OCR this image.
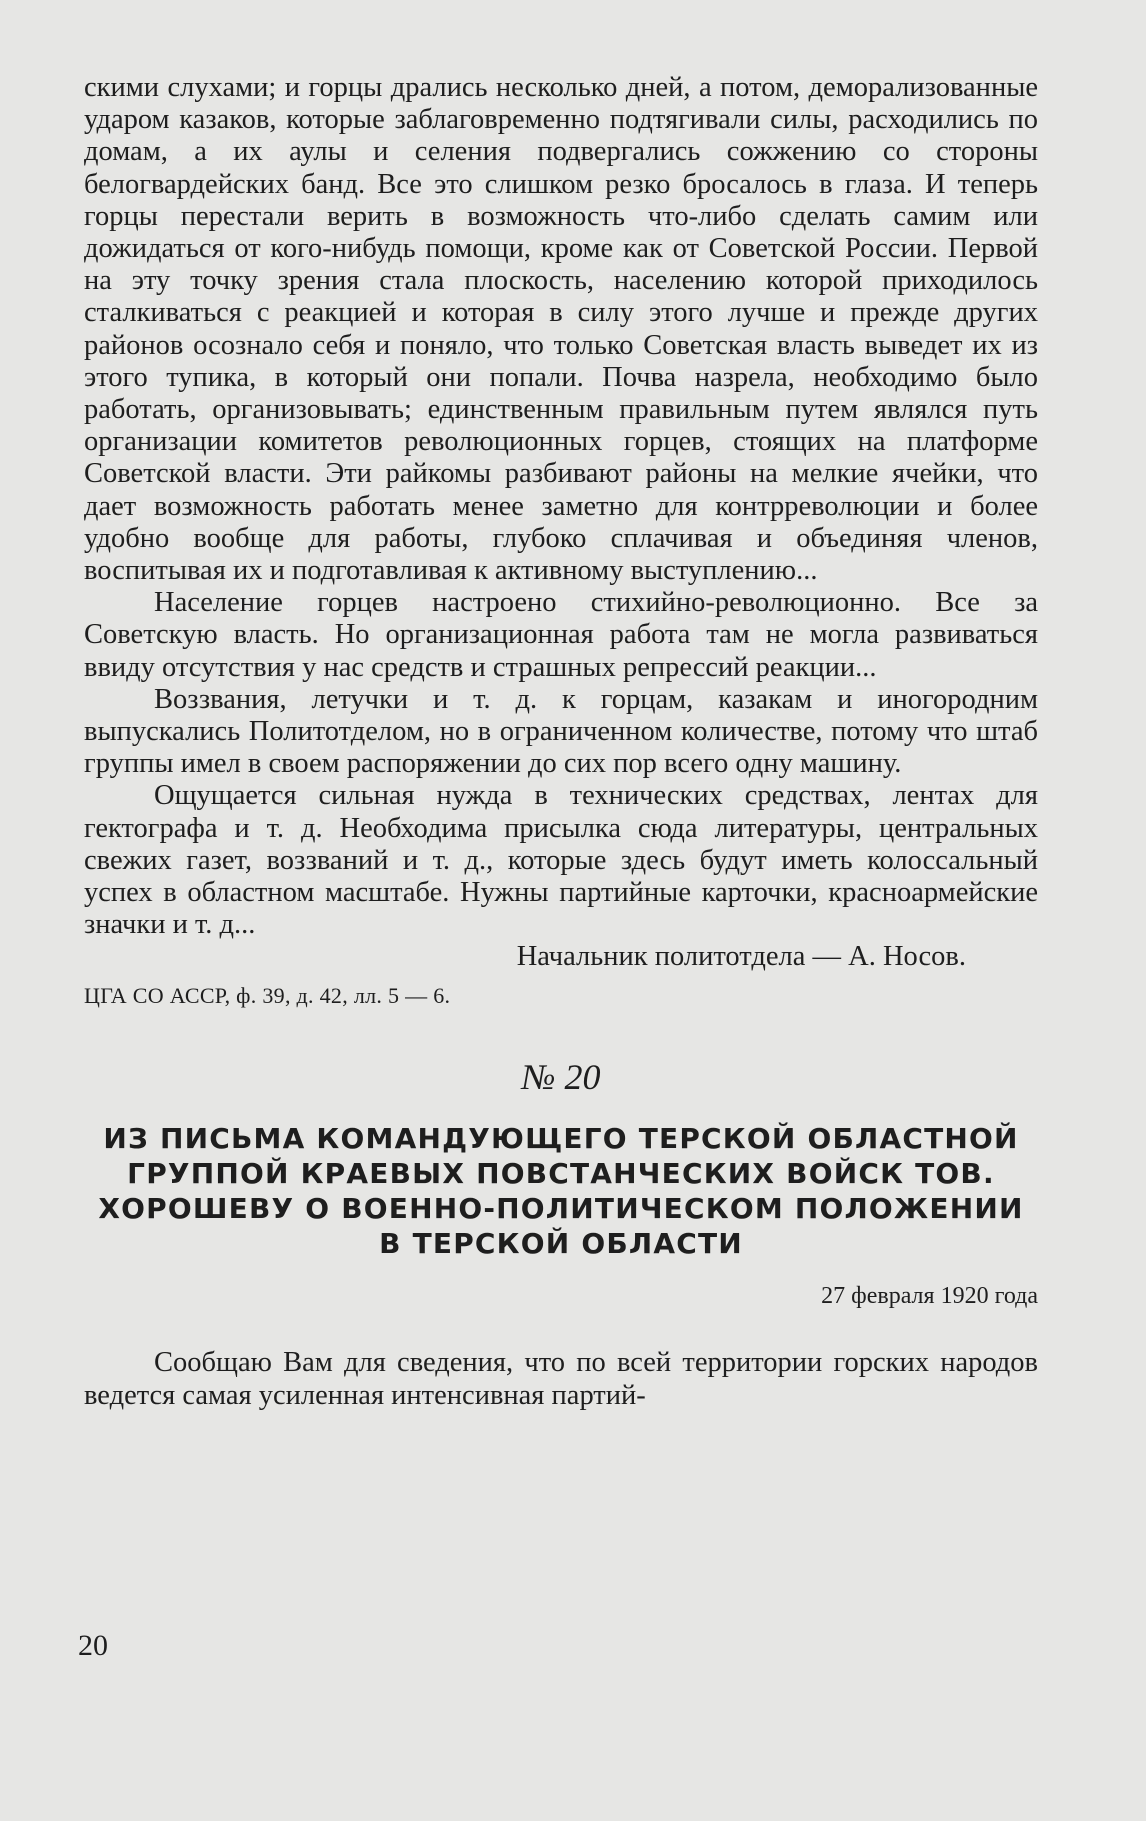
скими слухами; и горцы дрались несколько дней, а потом, деморализованные ударом казаков, которые заблаговременно подтягивали силы, расходились по домам, а их аулы и селения подвергались сожжению со стороны белогвардейских банд. Все это слишком резко бросалось в глаза. И теперь горцы перестали верить в возможность что-либо сделать самим или дожидаться от кого-нибудь помощи, кроме как от Советской России. Первой на эту точку зрения стала плоскость, населению которой приходилось сталкиваться с реакцией и которая в силу этого лучше и прежде других районов осознало себя и поняло, что только Советская власть выведет их из этого тупика, в который они попали. Почва назрела, необходимо было работать, организовывать; единственным правильным путем являлся путь организации комитетов революционных горцев, стоящих на платформе Советской власти. Эти райкомы разбивают районы на мелкие ячейки, что дает возможность работать менее заметно для контрреволюции и более удобно вообще для работы, глубоко сплачивая и объединяя членов, воспитывая их и подготавливая к активному выступлению...

Население горцев настроено стихийно-революционно. Все за Советскую власть. Но организационная работа там не могла развиваться ввиду отсутствия у нас средств и страшных репрессий реакции...

Воззвания, летучки и т. д. к горцам, казакам и иногородним выпускались Политотделом, но в ограниченном количестве, потому что штаб группы имел в своем распоряжении до сих пор всего одну машину.

Ощущается сильная нужда в технических средствах, лентах для гектографа и т. д. Необходима присылка сюда литературы, центральных свежих газет, воззваний и т. д., которые здесь будут иметь колоссальный успех в областном масштабе. Нужны партийные карточки, красноармейские значки и т. д...

Начальник политотдела — А. Носов.

ЦГА СО АССР, ф. 39, д. 42, лл. 5 — 6.

№ 20
ИЗ ПИСЬМА КОМАНДУЮЩЕГО ТЕРСКОЙ ОБЛАСТНОЙ ГРУППОЙ КРАЕВЫХ ПОВСТАНЧЕСКИХ ВОЙСК ТОВ. ХОРОШЕВУ О ВОЕННО-ПОЛИТИЧЕСКОМ ПОЛОЖЕНИИ В ТЕРСКОЙ ОБЛАСТИ

27 февраля 1920 года

Сообщаю Вам для сведения, что по всей территории горских народов ведется самая усиленная интенсивная партий-

20
